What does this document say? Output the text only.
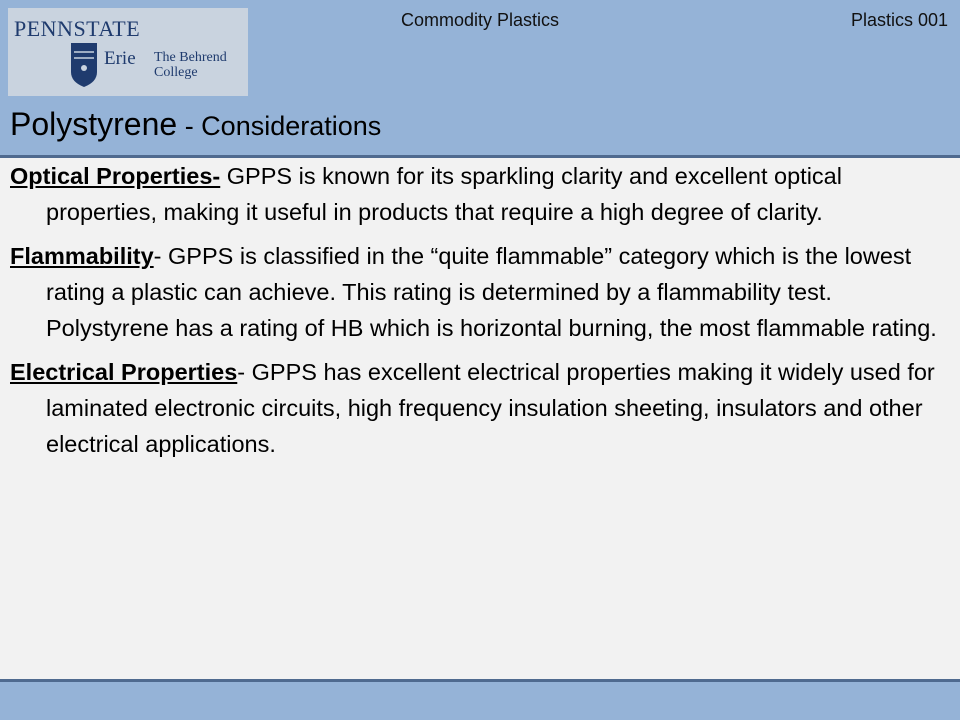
PENNSTATE
Erie The Behrend College
Commodity Plastics	Plastics 001
Polystyrene - Considerations

Optical Properties- GPPS is known for its sparkling clarity and excellent optical properties, making it useful in products that require a high degree of clarity.

Flammability- GPPS is classified in the “quite flammable” category which is the lowest rating a plastic can achieve. This rating is determined by a flammability test. Polystyrene has a rating of HB which is horizontal burning, the most flammable rating.

Electrical Properties- GPPS has excellent electrical properties making it widely used for laminated electronic circuits, high frequency insulation sheeting, insulators and other electrical applications.
